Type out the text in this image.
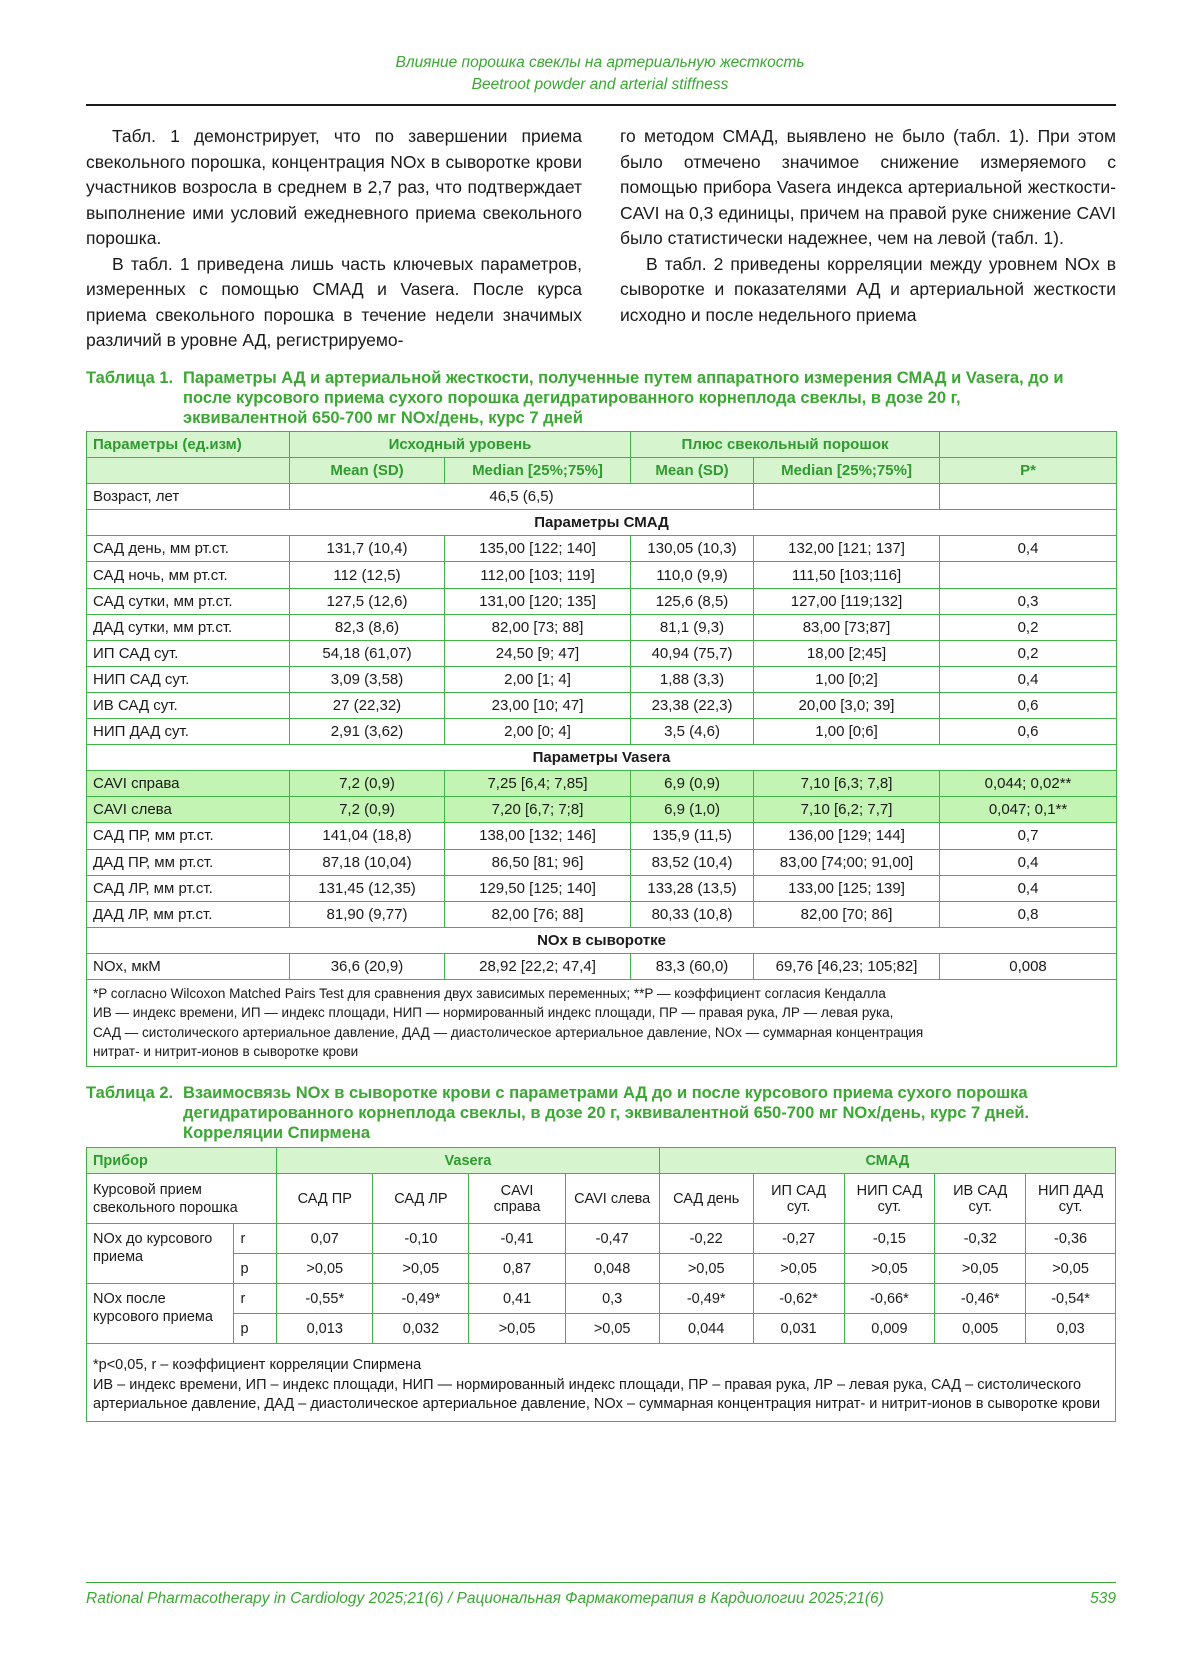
Влияние порошка свеклы на артериальную жесткость
Beetroot powder and arterial stiffness

Табл. 1 демонстрирует, что по завершении приема свекольного порошка, концентрация NOx в сыворотке крови участников возросла в среднем в 2,7 раз, что подтверждает выполнение ими условий ежедневного приема свекольного порошка.

В табл. 1 приведена лишь часть ключевых параметров, измеренных с помощью СМАД и Vasera. После курса приема свекольного порошка в течение недели значимых различий в уровне АД, регистрируемо-

го методом СМАД, выявлено не было (табл. 1). При этом было отмечено значимое снижение измеряемого с помощью прибора Vasera индекса артериальной жесткости- CAVI на 0,3 единицы, причем на правой руке снижение CAVI было статистически надежнее, чем на левой (табл. 1).

В табл. 2 приведены корреляции между уровнем NOx в сыворотке и показателями АД и артериальной жесткости исходно и после недельного приема

Таблица 1. Параметры АД и артериальной жесткости, полученные путем аппаратного измерения СМАД и Vasera, до и после курсового приема сухого порошка дегидратированного корнеплода свеклы, в дозе 20 г, эквивалентной 650-700 мг NOx/день, курс 7 дней
Параметры (ед.изм)	Исходный уровень		Плюс свекольный порошок		
	Mean (SD)	Median [25%;75%]	Mean (SD)	Median [25%;75%]	P*
Возраст, лет	46,5 (6,5)				
Параметры СМАД					
САД день, мм рт.ст.	131,7 (10,4)	135,00 [122; 140]	130,05 (10,3)	132,00 [121; 137]	0,4
САД ночь, мм рт.ст.	112 (12,5)	112,00 [103; 119]	110,0 (9,9)	111,50 [103;116]	
САД сутки, мм рт.ст.	127,5 (12,6)	131,00 [120; 135]	125,6 (8,5)	127,00 [119;132]	0,3
ДАД сутки, мм рт.ст.	82,3 (8,6)	82,00 [73; 88]	81,1 (9,3)	83,00 [73;87]	0,2
ИП САД сут.	54,18 (61,07)	24,50 [9; 47]	40,94 (75,7)	18,00 [2;45]	0,2
НИП САД сут.	3,09 (3,58)	2,00 [1; 4]	1,88 (3,3)	1,00 [0;2]	0,4
ИВ САД сут.	27 (22,32)	23,00 [10; 47]	23,38 (22,3)	20,00 [3,0; 39]	0,6
НИП ДАД сут.	2,91 (3,62)	2,00 [0; 4]	3,5 (4,6)	1,00 [0;6]	0,6
Параметры Vasera					
CAVI справа	7,2 (0,9)	7,25 [6,4; 7,85]	6,9 (0,9)	7,10 [6,3; 7,8]	0,044; 0,02**
CAVI слева	7,2 (0,9)	7,20 [6,7; 7;8]	6,9 (1,0)	7,10 [6,2; 7,7]	0,047; 0,1**
САД ПР, мм рт.ст.	141,04 (18,8)	138,00 [132; 146]	135,9 (11,5)	136,00 [129; 144]	0,7
ДАД ПР, мм рт.ст.	87,18 (10,04)	86,50 [81; 96]	83,52 (10,4)	83,00 [74;00; 91,00]	0,4
САД ЛР, мм рт.ст.	131,45 (12,35)	129,50 [125; 140]	133,28 (13,5)	133,00 [125; 139]	0,4
ДАД ЛР, мм рт.ст.	81,90 (9,77)	82,00 [76; 88]	80,33 (10,8)	82,00 [70; 86]	0,8
NOx в сыворотке					
NOx, мкМ	36,6 (20,9)	28,92 [22,2; 47,4]	83,3 (60,0)	69,76 [46,23; 105;82]	0,008

*P согласно Wilcoxon Matched Pairs Test для сравнения двух зависимых переменных; **P — коэффициент согласия Кендалла
ИВ — индекс времени, ИП — индекс площади, НИП — нормированный индекс площади, ПР — правая рука, ЛР — левая рука,
САД — систолического артериальное давление, ДАД — диастолическое артериальное давление, NOx — суммарная концентрация
нитрат- и нитрит-ионов в сыворотке крови					
Таблица 2. Взаимосвязь NOx в сыворотке крови с параметрами АД до и после курсового приема сухого порошка дегидратированного корнеплода свеклы, в дозе 20 г, эквивалентной 650-700 мг NOx/день, курс 7 дней. Корреляции Спирмена
Прибор		Vasera				СМАД				
Курсовой прием свекольного порошка		САД ПР	САД ЛР	CAVI справа	CAVI слева	САД день	ИП САД сут.	НИП САД сут.	ИВ САД сут.	НИП ДАД сут.
NOx до курсового приема	r	0,07	-0,10	-0,41	-0,47	-0,22	-0,27	-0,15	-0,32	-0,36
	p	>0,05	>0,05	0,87	0,048	>0,05	>0,05	>0,05	>0,05	>0,05
NOx после курсового приема	r	-0,55*	-0,49*	0,41	0,3	-0,49*	-0,62*	-0,66*	-0,46*	-0,54*
	p	0,013	0,032	>0,05	>0,05	0,044	0,031	0,009	0,005	0,03

*p<0,05, r – коэффициент корреляции Спирмена
ИВ – индекс времени, ИП – индекс площади, НИП — нормированный индекс площади, ПР – правая рука, ЛР – левая рука, САД – систолического артериальное давление, ДАД – диастолическое артериальное давление, NOx – суммарная концентрация нитрат- и нитрит-ионов в сыворотке крови										
Rational Pharmacotherapy in Cardiology 2025;21(6) / Рациональная Фармакотерапия в Кардиологии 2025;21(6)	539
